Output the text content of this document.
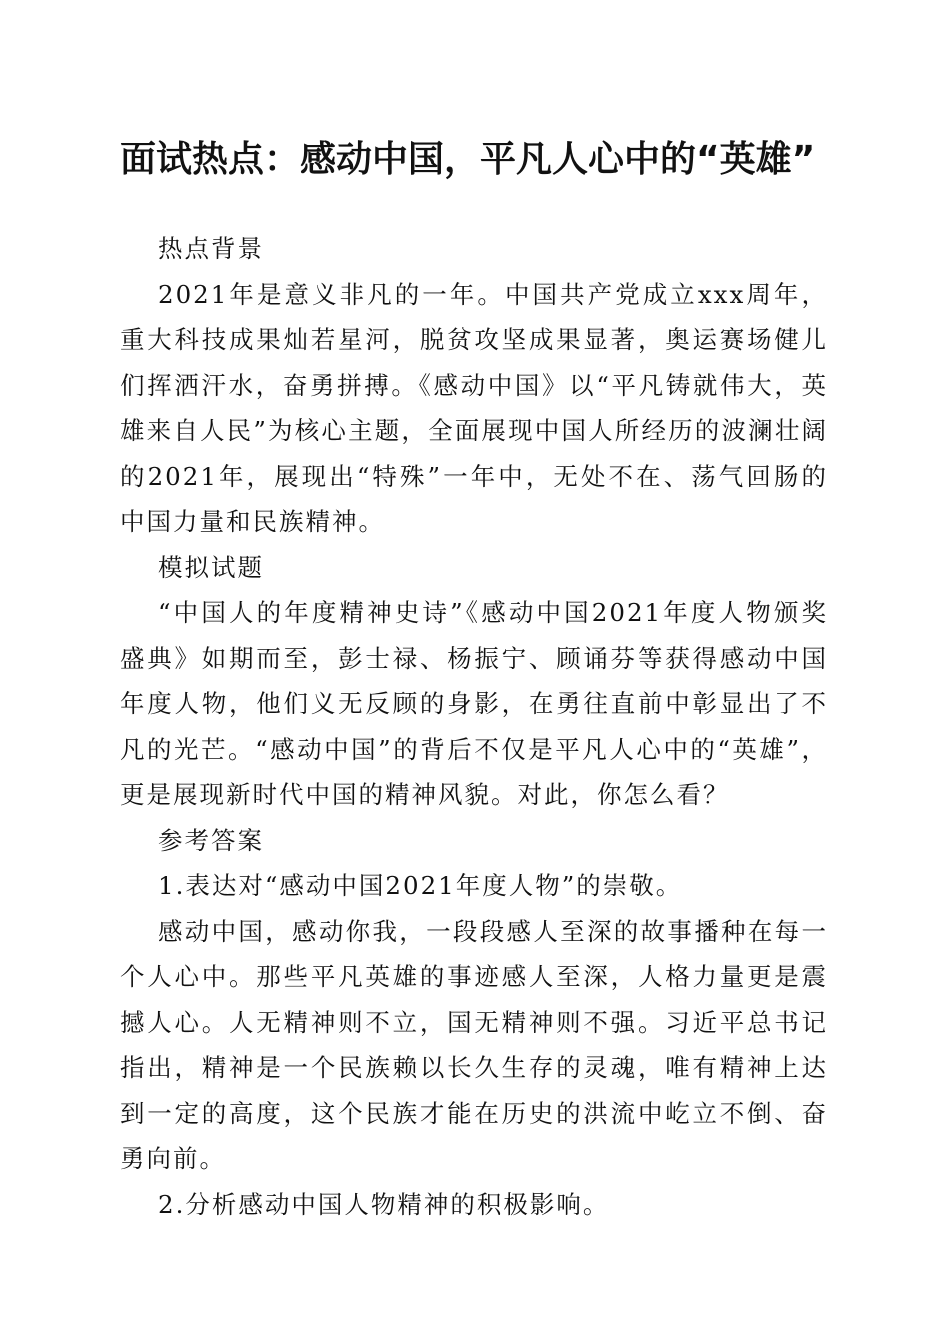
面试热点：感动中国，平凡人心中的“英雄”

热点背景

2021年是意义非凡的一年。中国共产党成立xxx周年，重大科技成果灿若星河，脱贫攻坚成果显著，奥运赛场健儿们挥洒汗水，奋勇拼搏。《感动中国》以“平凡铸就伟大，英雄来自人民”为核心主题，全面展现中国人所经历的波澜壮阔的2021年，展现出“特殊”一年中，无处不在、荡气回肠的中国力量和民族精神。

模拟试题

“中国人的年度精神史诗”《感动中国2021年度人物颁奖盛典》如期而至，彭士禄、杨振宁、顾诵芬等获得感动中国年度人物，他们义无反顾的身影，在勇往直前中彰显出了不凡的光芒。“感动中国”的背后不仅是平凡人心中的“英雄”，更是展现新时代中国的精神风貌。对此，你怎么看？

参考答案

1.表达对“感动中国2021年度人物”的崇敬。

感动中国，感动你我，一段段感人至深的故事播种在每一个人心中。那些平凡英雄的事迹感人至深，人格力量更是震撼人心。人无精神则不立，国无精神则不强。习近平总书记指出，精神是一个民族赖以长久生存的灵魂，唯有精神上达到一定的高度，这个民族才能在历史的洪流中屹立不倒、奋勇向前。

2.分析感动中国人物精神的积极影响。
